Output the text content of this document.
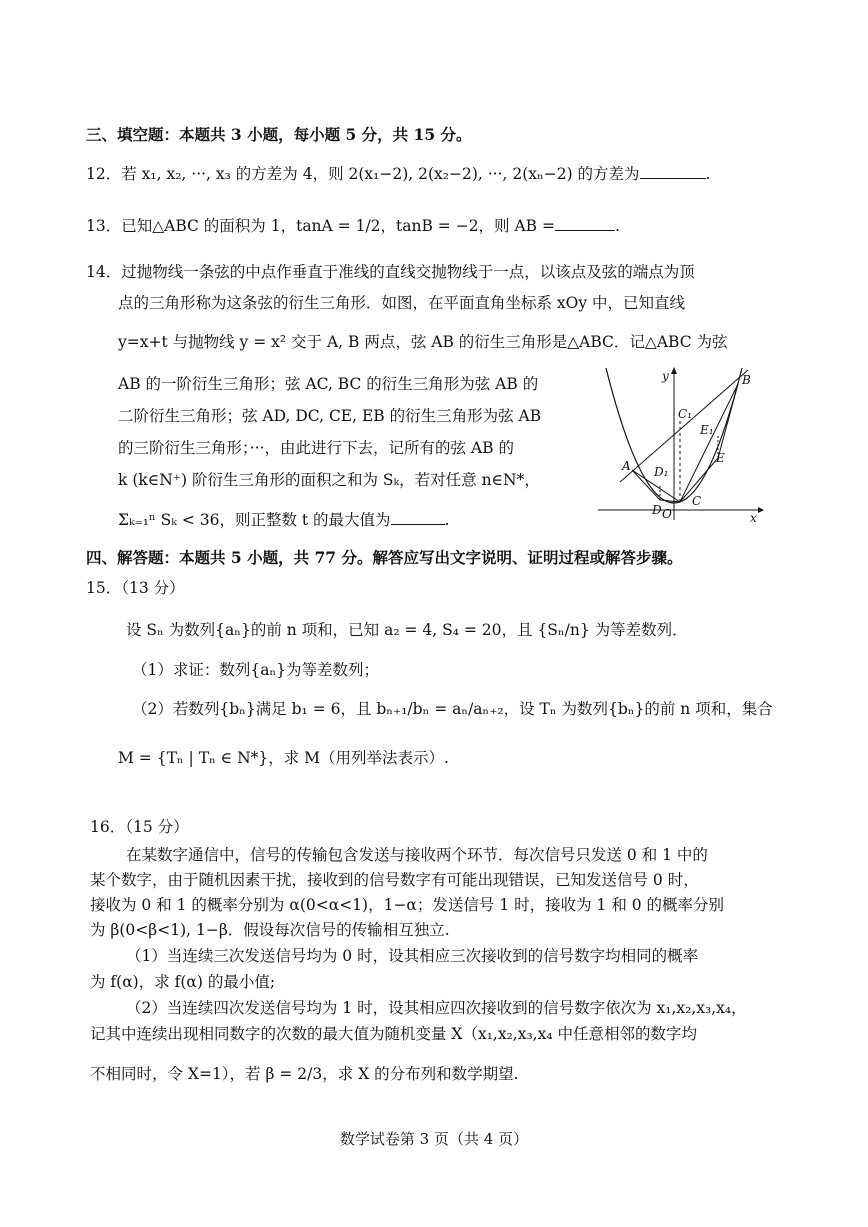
三、填空题：本题共 3 小题，每小题 5 分，共 15 分。
12．若 x₁, x₂, ···, x₃ 的方差为 4，则 2(x₁−2), 2(x₂−2), ···, 2(xₙ−2) 的方差为	.
13．已知△ABC 的面积为 1，tanA = 1/2，tanB = −2，则 AB =	.
14．过抛物线一条弦的中点作垂直于准线的直线交抛物线于一点，以该点及弦的端点为顶
点的三角形称为这条弦的衍生三角形．如图，在平面直角坐标系 xOy 中，已知直线
y=x+t 与抛物线 y = x² 交于 A, B 两点，弦 AB 的衍生三角形是△ABC．记△ABC 为弦
AB 的一阶衍生三角形；弦 AC, BC 的衍生三角形为弦 AB 的
二阶衍生三角形；弦 AD, DC, CE, EB 的衍生三角形为弦 AB
的三阶衍生三角形；···，由此进行下去，记所有的弦 AB 的
k (k∈N⁺) 阶衍生三角形的面积之和为 Sₖ，若对任意 n∈N*，
Σₖ₌₁ⁿ Sₖ < 36，则正整数 t 的最大值为	.
y
x
O
A
B
C
C₁
D
D₁
E
E₁
四、解答题：本题共 5 小题，共 77 分。解答应写出文字说明、证明过程或解答步骤。
15．（13 分）
设 Sₙ 为数列{aₙ}的前 n 项和，已知 a₂ = 4, S₄ = 20，且 {Sₙ/n} 为等差数列．
（1）求证：数列{aₙ}为等差数列；
（2）若数列{bₙ}满足 b₁ = 6，且 bₙ₊₁/bₙ = aₙ/aₙ₊₂，设 Tₙ 为数列{bₙ}的前 n 项和，集合
M = {Tₙ | Tₙ ∈ N*}，求 M（用列举法表示）.
16．（15 分）
在某数字通信中，信号的传输包含发送与接收两个环节．每次信号只发送 0 和 1 中的
某个数字，由于随机因素干扰，接收到的信号数字有可能出现错误，已知发送信号 0 时，
接收为 0 和 1 的概率分别为 α(0<α<1)，1−α；发送信号 1 时，接收为 1 和 0 的概率分别
为 β(0<β<1), 1−β．假设每次信号的传输相互独立.
（1）当连续三次发送信号均为 0 时，设其相应三次接收到的信号数字均相同的概率
为 f(α)，求 f(α) 的最小值;
（2）当连续四次发送信号均为 1 时，设其相应四次接收到的信号数字依次为 x₁,x₂,x₃,x₄，
记其中连续出现相同数字的次数的最大值为随机变量 X（x₁,x₂,x₃,x₄ 中任意相邻的数字均
不相同时，令 X=1），若 β = 2/3，求 X 的分布列和数学期望.
数学试卷第 3 页（共 4 页）
